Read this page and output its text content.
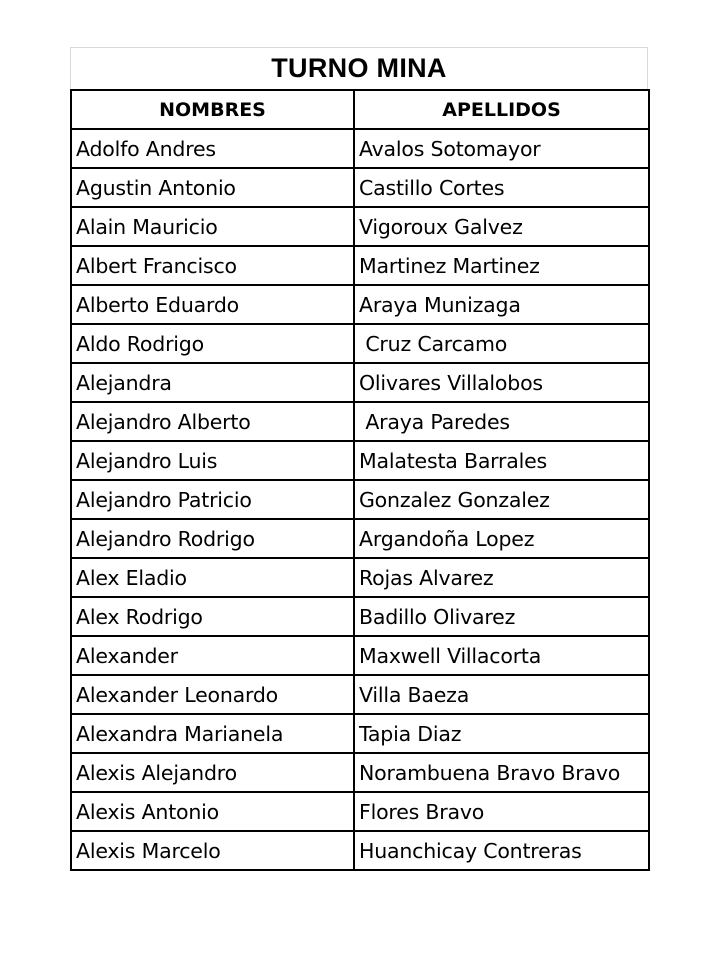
TURNO MINA
NOMBRES	APELLIDOS
Adolfo Andres	Avalos Sotomayor
Agustin Antonio	Castillo Cortes
Alain Mauricio	Vigoroux Galvez
Albert Francisco	Martinez Martinez
Alberto Eduardo	Araya Munizaga
Aldo Rodrigo	Cruz Carcamo
Alejandra	Olivares Villalobos
Alejandro Alberto	Araya Paredes
Alejandro Luis	Malatesta Barrales
Alejandro Patricio	Gonzalez Gonzalez
Alejandro Rodrigo	Argandoña Lopez
Alex Eladio	Rojas Alvarez
Alex Rodrigo	Badillo Olivarez
Alexander	Maxwell Villacorta
Alexander Leonardo	Villa Baeza
Alexandra Marianela	Tapia Diaz
Alexis Alejandro	Norambuena Bravo Bravo
Alexis Antonio	Flores Bravo
Alexis Marcelo	Huanchicay Contreras
